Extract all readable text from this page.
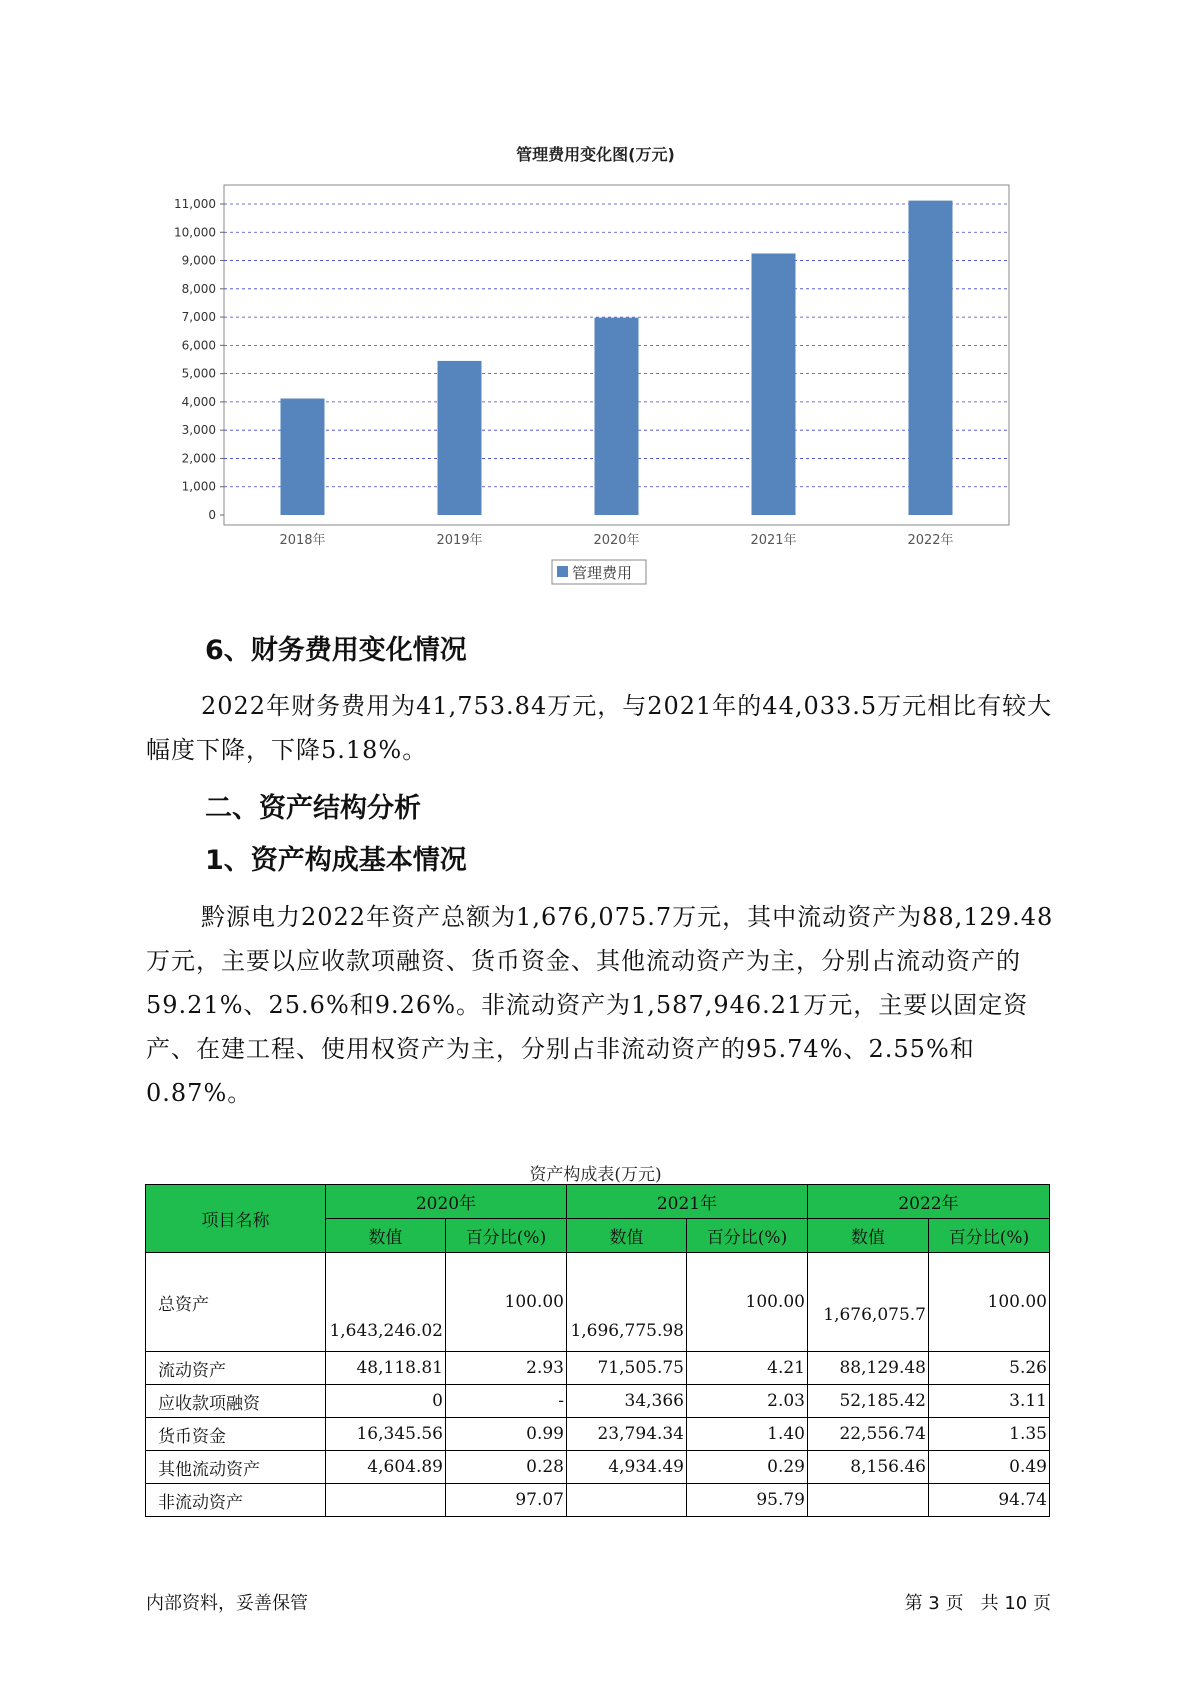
管理费用变化图(万元)
0
1,000
2,000
3,000
4,000
5,000
6,000
7,000
8,000
9,000
10,000
11,000
2018年	2019年	2020年	2021年	2022年
管理费用
6、财务费用变化情况
2022年财务费用为41,753.84万元，与2021年的44,033.5万元相比有较大幅度下降，下降5.18%。
二、资产结构分析
1、资产构成基本情况
黔源电力2022年资产总额为1,676,075.7万元，其中流动资产为88,129.48万元，主要以应收款项融资、货币资金、其他流动资产为主，分别占流动资产的59.21%、25.6%和9.26%。非流动资产为1,587,946.21万元，主要以固定资产、在建工程、使用权资产为主，分别占非流动资产的95.74%、2.55%和0.87%。
资产构成表(万元)
项目名称	2020年		2021年		2022年	
	数值	百分比(%)	数值	百分比(%)	数值	百分比(%)
总资产	1,643,246.02	100.00	1,696,775.98	100.00	1,676,075.7	100.00
流动资产	48,118.81	2.93	71,505.75	4.21	88,129.48	5.26
应收款项融资	0	-	34,366	2.03	52,185.42	3.11
货币资金	16,345.56	0.99	23,794.34	1.40	22,556.74	1.35
其他流动资产	4,604.89	0.28	4,934.49	0.29	8,156.46	0.49
非流动资产		97.07		95.79		94.74
内部资料，妥善保管	第 3 页   共 10 页
